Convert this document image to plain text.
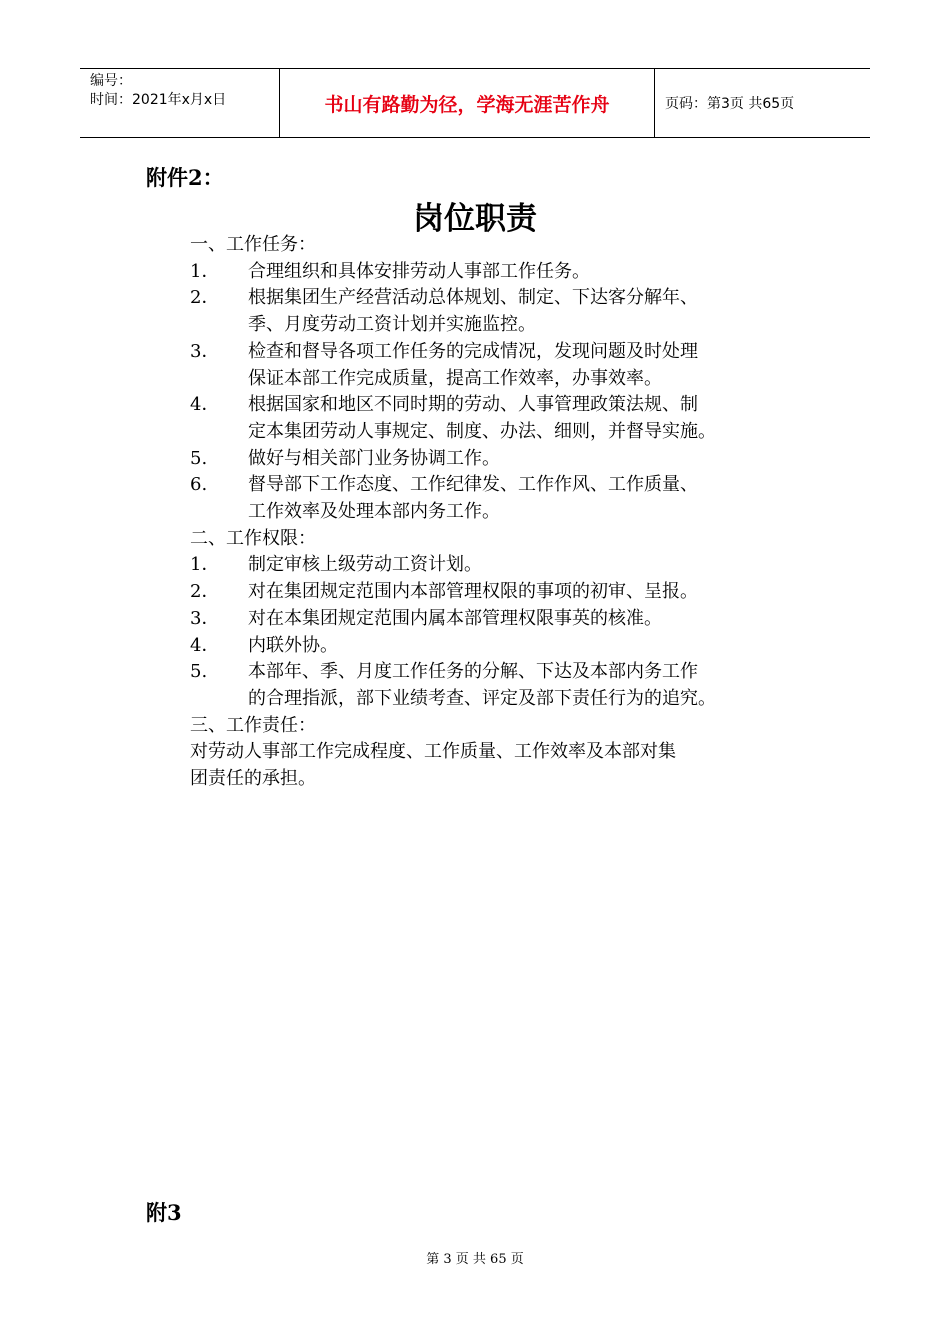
编号：
时间：2021年x月x日	书山有路勤为径，学海无涯苦作舟	页码：第3页 共65页
附件2：
岗位职责
一、工作任务：
1． 合理组织和具体安排劳动人事部工作任务。
2． 根据集团生产经营活动总体规划、制定、下达客分解年、
季、月度劳动工资计划并实施监控。
3． 检查和督导各项工作任务的完成情况，发现问题及时处理
保证本部工作完成质量，提高工作效率，办事效率。
4． 根据国家和地区不同时期的劳动、人事管理政策法规、制
定本集团劳动人事规定、制度、办法、细则，并督导实施。
5. 做好与相关部门业务协调工作。
6. 督导部下工作态度、工作纪律发、工作作风、工作质量、
工作效率及处理本部内务工作。
二、工作权限：
1． 制定审核上级劳动工资计划。
2． 对在集团规定范围内本部管理权限的事项的初审、呈报。
3． 对在本集团规定范围内属本部管理权限事英的核准。
4． 内联外协。
5. 本部年、季、月度工作任务的分解、下达及本部内务工作
的合理指派，部下业绩考查、评定及部下责任行为的追究。
三、工作责任：
对劳动人事部工作完成程度、工作质量、工作效率及本部对集
团责任的承担。
附3
第 3 页 共 65 页
